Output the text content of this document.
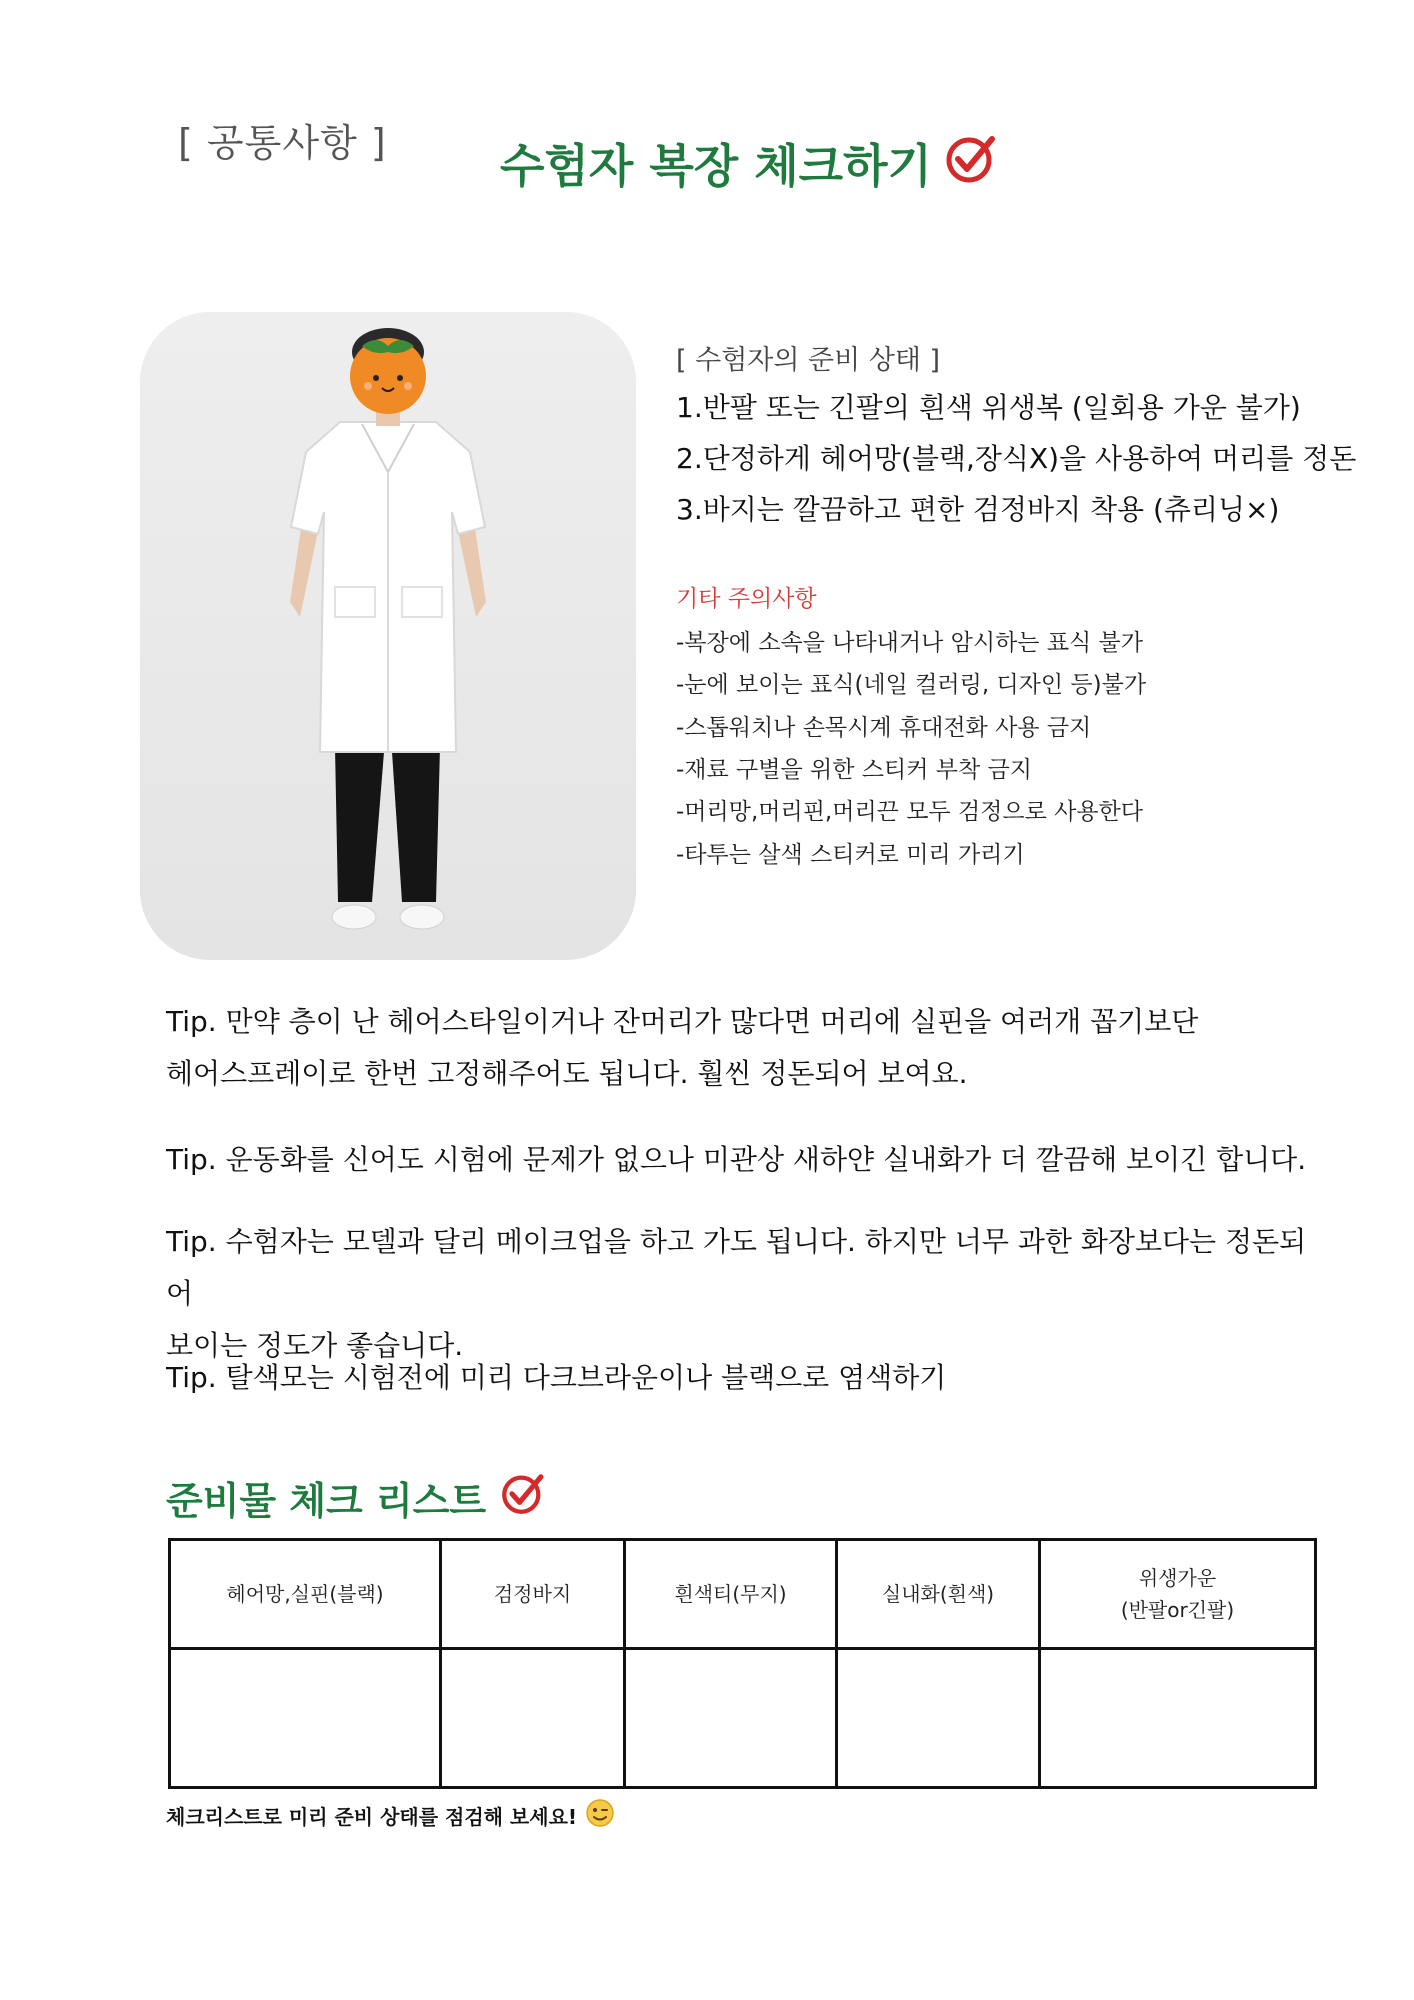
[ 공통사항 ] 수험자 복장 체크하기
[ 수험자의 준비 상태 ]
1.반팔 또는 긴팔의 흰색 위생복 (일회용 가운 불가)
2.단정하게 헤어망(블랙,장식X)을 사용하여 머리를 정돈
3.바지는 깔끔하고 편한 검정바지 착용 (츄리닝×)
기타 주의사항
-복장에 소속을 나타내거나 암시하는 표식 불가
-눈에 보이는 표식(네일 컬러링, 디자인 등)불가
-스톱워치나 손목시계 휴대전화 사용 금지
-재료 구별을 위한 스티커 부착 금지
-머리망,머리핀,머리끈 모두 검정으로 사용한다
-타투는 살색 스티커로 미리 가리기
Tip. 만약 층이 난 헤어스타일이거나 잔머리가 많다면 머리에 실핀을 여러개 꼽기보단
헤어스프레이로 한번 고정해주어도 됩니다. 훨씬 정돈되어 보여요.
Tip. 운동화를 신어도 시험에 문제가 없으나 미관상 새하얀 실내화가 더 깔끔해 보이긴 합니다.
Tip. 수험자는 모델과 달리 메이크업을 하고 가도 됩니다. 하지만 너무 과한 화장보다는 정돈되어
보이는 정도가 좋습니다.
Tip. 탈색모는 시험전에 미리 다크브라운이나 블랙으로 염색하기
준비물 체크 리스트
헤어망,실핀(블랙)	검정바지	흰색티(무지)	실내화(흰색)	위생가운
(반팔or긴팔)

체크리스트로 미리 준비 상태를 점검해 보세요!
